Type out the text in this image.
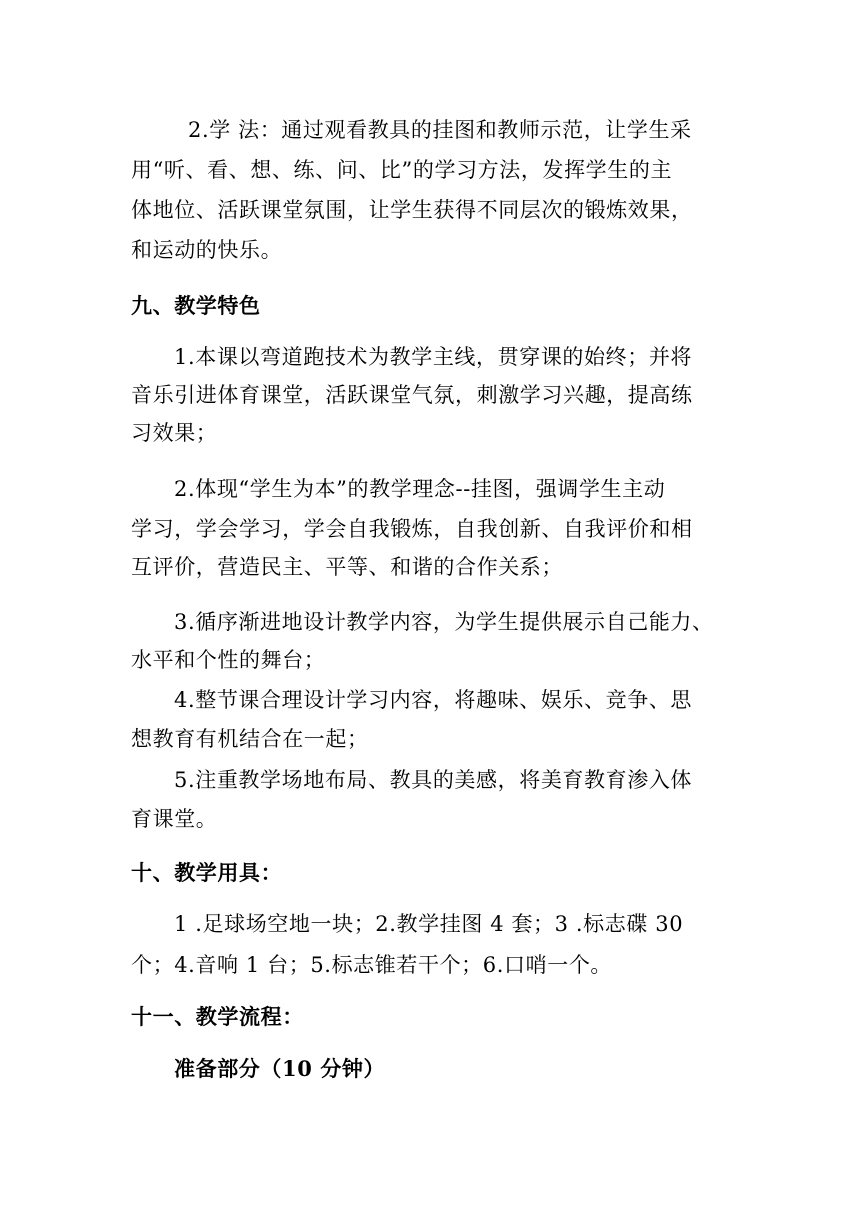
2.学 法：通过观看教具的挂图和教师示范，让学生采
用“听、看、想、练、问、比”的学习方法，发挥学生的主
体地位、活跃课堂氛围，让学生获得不同层次的锻炼效果，
和运动的快乐。
九、教学特色
1.本课以弯道跑技术为教学主线，贯穿课的始终；并将
音乐引进体育课堂，活跃课堂气氛，刺激学习兴趣，提高练
习效果；
2.体现“学生为本”的教学理念--挂图，强调学生主动
学习，学会学习，学会自我锻炼，自我创新、自我评价和相
互评价，营造民主、平等、和谐的合作关系；
3.循序渐进地设计教学内容，为学生提供展示自己能力、
水平和个性的舞台；
4.整节课合理设计学习内容，将趣味、娱乐、竞争、思
想教育有机结合在一起；
5.注重教学场地布局、教具的美感，将美育教育渗入体
育课堂。
十、教学用具：
1 .足球场空地一块；2.教学挂图 4 套；3 .标志碟 30
个；4.音响 1 台；5.标志锥若干个；6.口哨一个。
十一、教学流程：
准备部分（10 分钟）
